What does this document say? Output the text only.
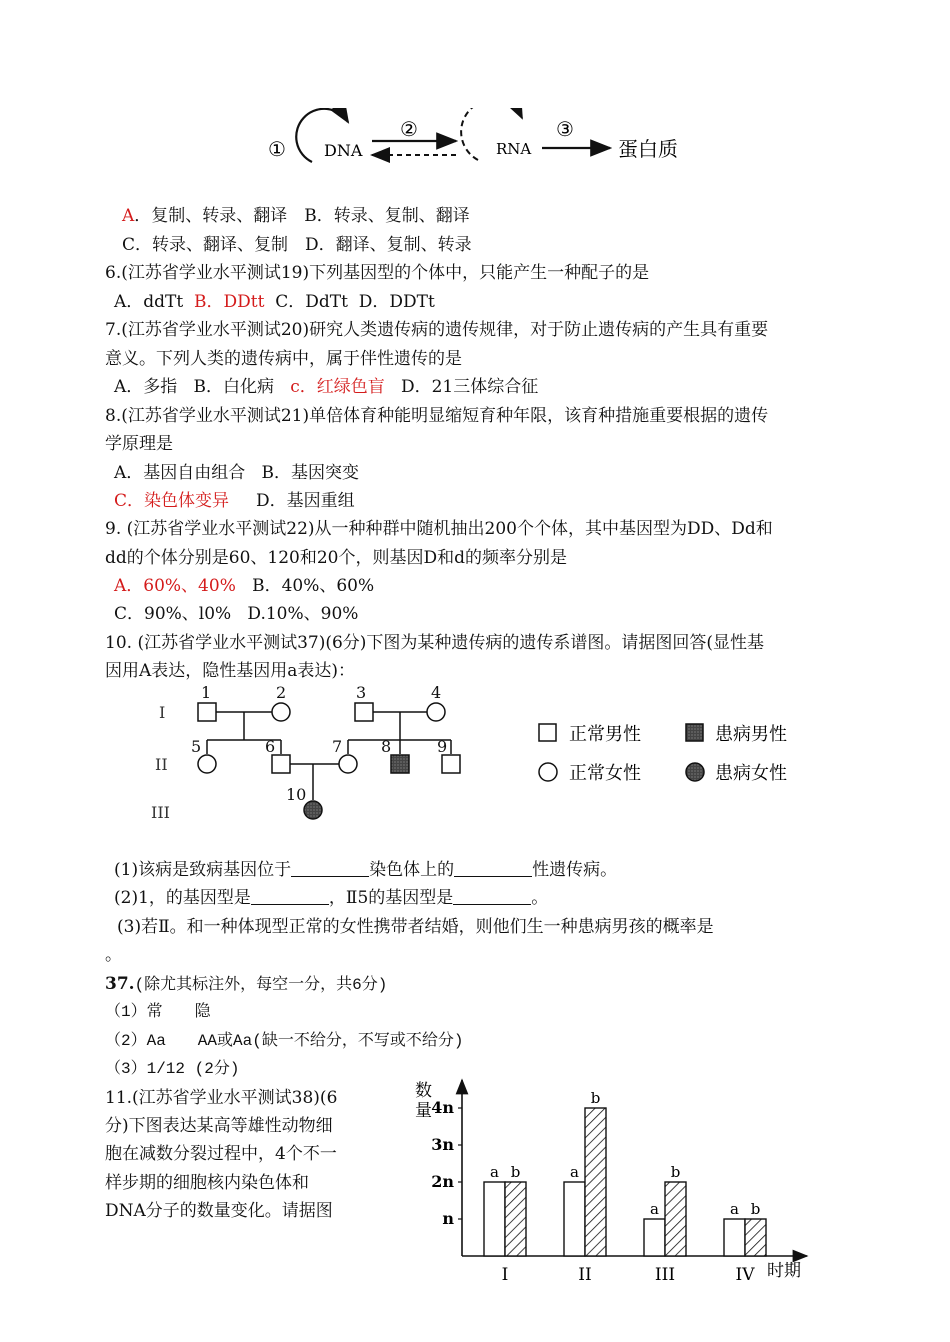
① DNA
②
RNA
③
蛋白质
A．复制、转录、翻译　 B．转录、复制、翻译
C．转录、翻译、复制　 D．翻译、复制、转录
6.(江苏省学业水平测试19)下列基因型的个体中，只能产生一种配子的是
A．ddTt B．DDtt C．DdTt D．DDTt
7.(江苏省学业水平测试20)研究人类遗传病的遗传规律，对于防止遗传病的产生具有重要
意义。下列人类的遗传病中，属于伴性遗传的是
A．多指 B．白化病 c．红绿色盲 D．21三体综合征
8.(江苏省学业水平测试21)单倍体育种能明显缩短育种年限，该育种措施重要根据的遗传
学原理是
A．基因自由组合 B．基因突变
C．染色体变异 D．基因重组
9. (江苏省学业水平测试22)从一种种群中随机抽出200个个体，其中基因型为DD、Dd和
dd的个体分别是60、120和20个，则基因D和d的频率分别是
A．60%、40% B．40%、60%
C．90%、l0% D.10%、90%
10. (江苏省学业水平测试37)(6分)下图为某种遗传病的遗传系谱图。请据图回答(显性基
因用A表达，隐性基因用a表达)：
1	2	3	4
5	6	7 8	9
10
I
II
III
正常男性	患病男性
正常女性	患病女性
(1)该病是致病基因位于	染色体上的	性遗传病。
(2)1，的基因型是	，Ⅱ5的基因型是	。
(3)若Ⅱ。和一种体现型正常的女性携带者结婚，则他们生一种患病男孩的概率是
。
37.(除尤其标注外，每空一分，共6分)
（1）常　　隐
（2）Aa　　AA或Aa(缺一不给分，不写或不给分)
（3）1/12 (2分)
11.(江苏省学业水平测试38)(6
分)下图表达某高等雄性动物细
胞在减数分裂过程中，4个不一
样步期的细胞核内染色体和
DNA分子的数量变化。请据图
数
量
时期
n
2n
3n
4n
a b
I
a
b
II
a
b
III
a b
IV
